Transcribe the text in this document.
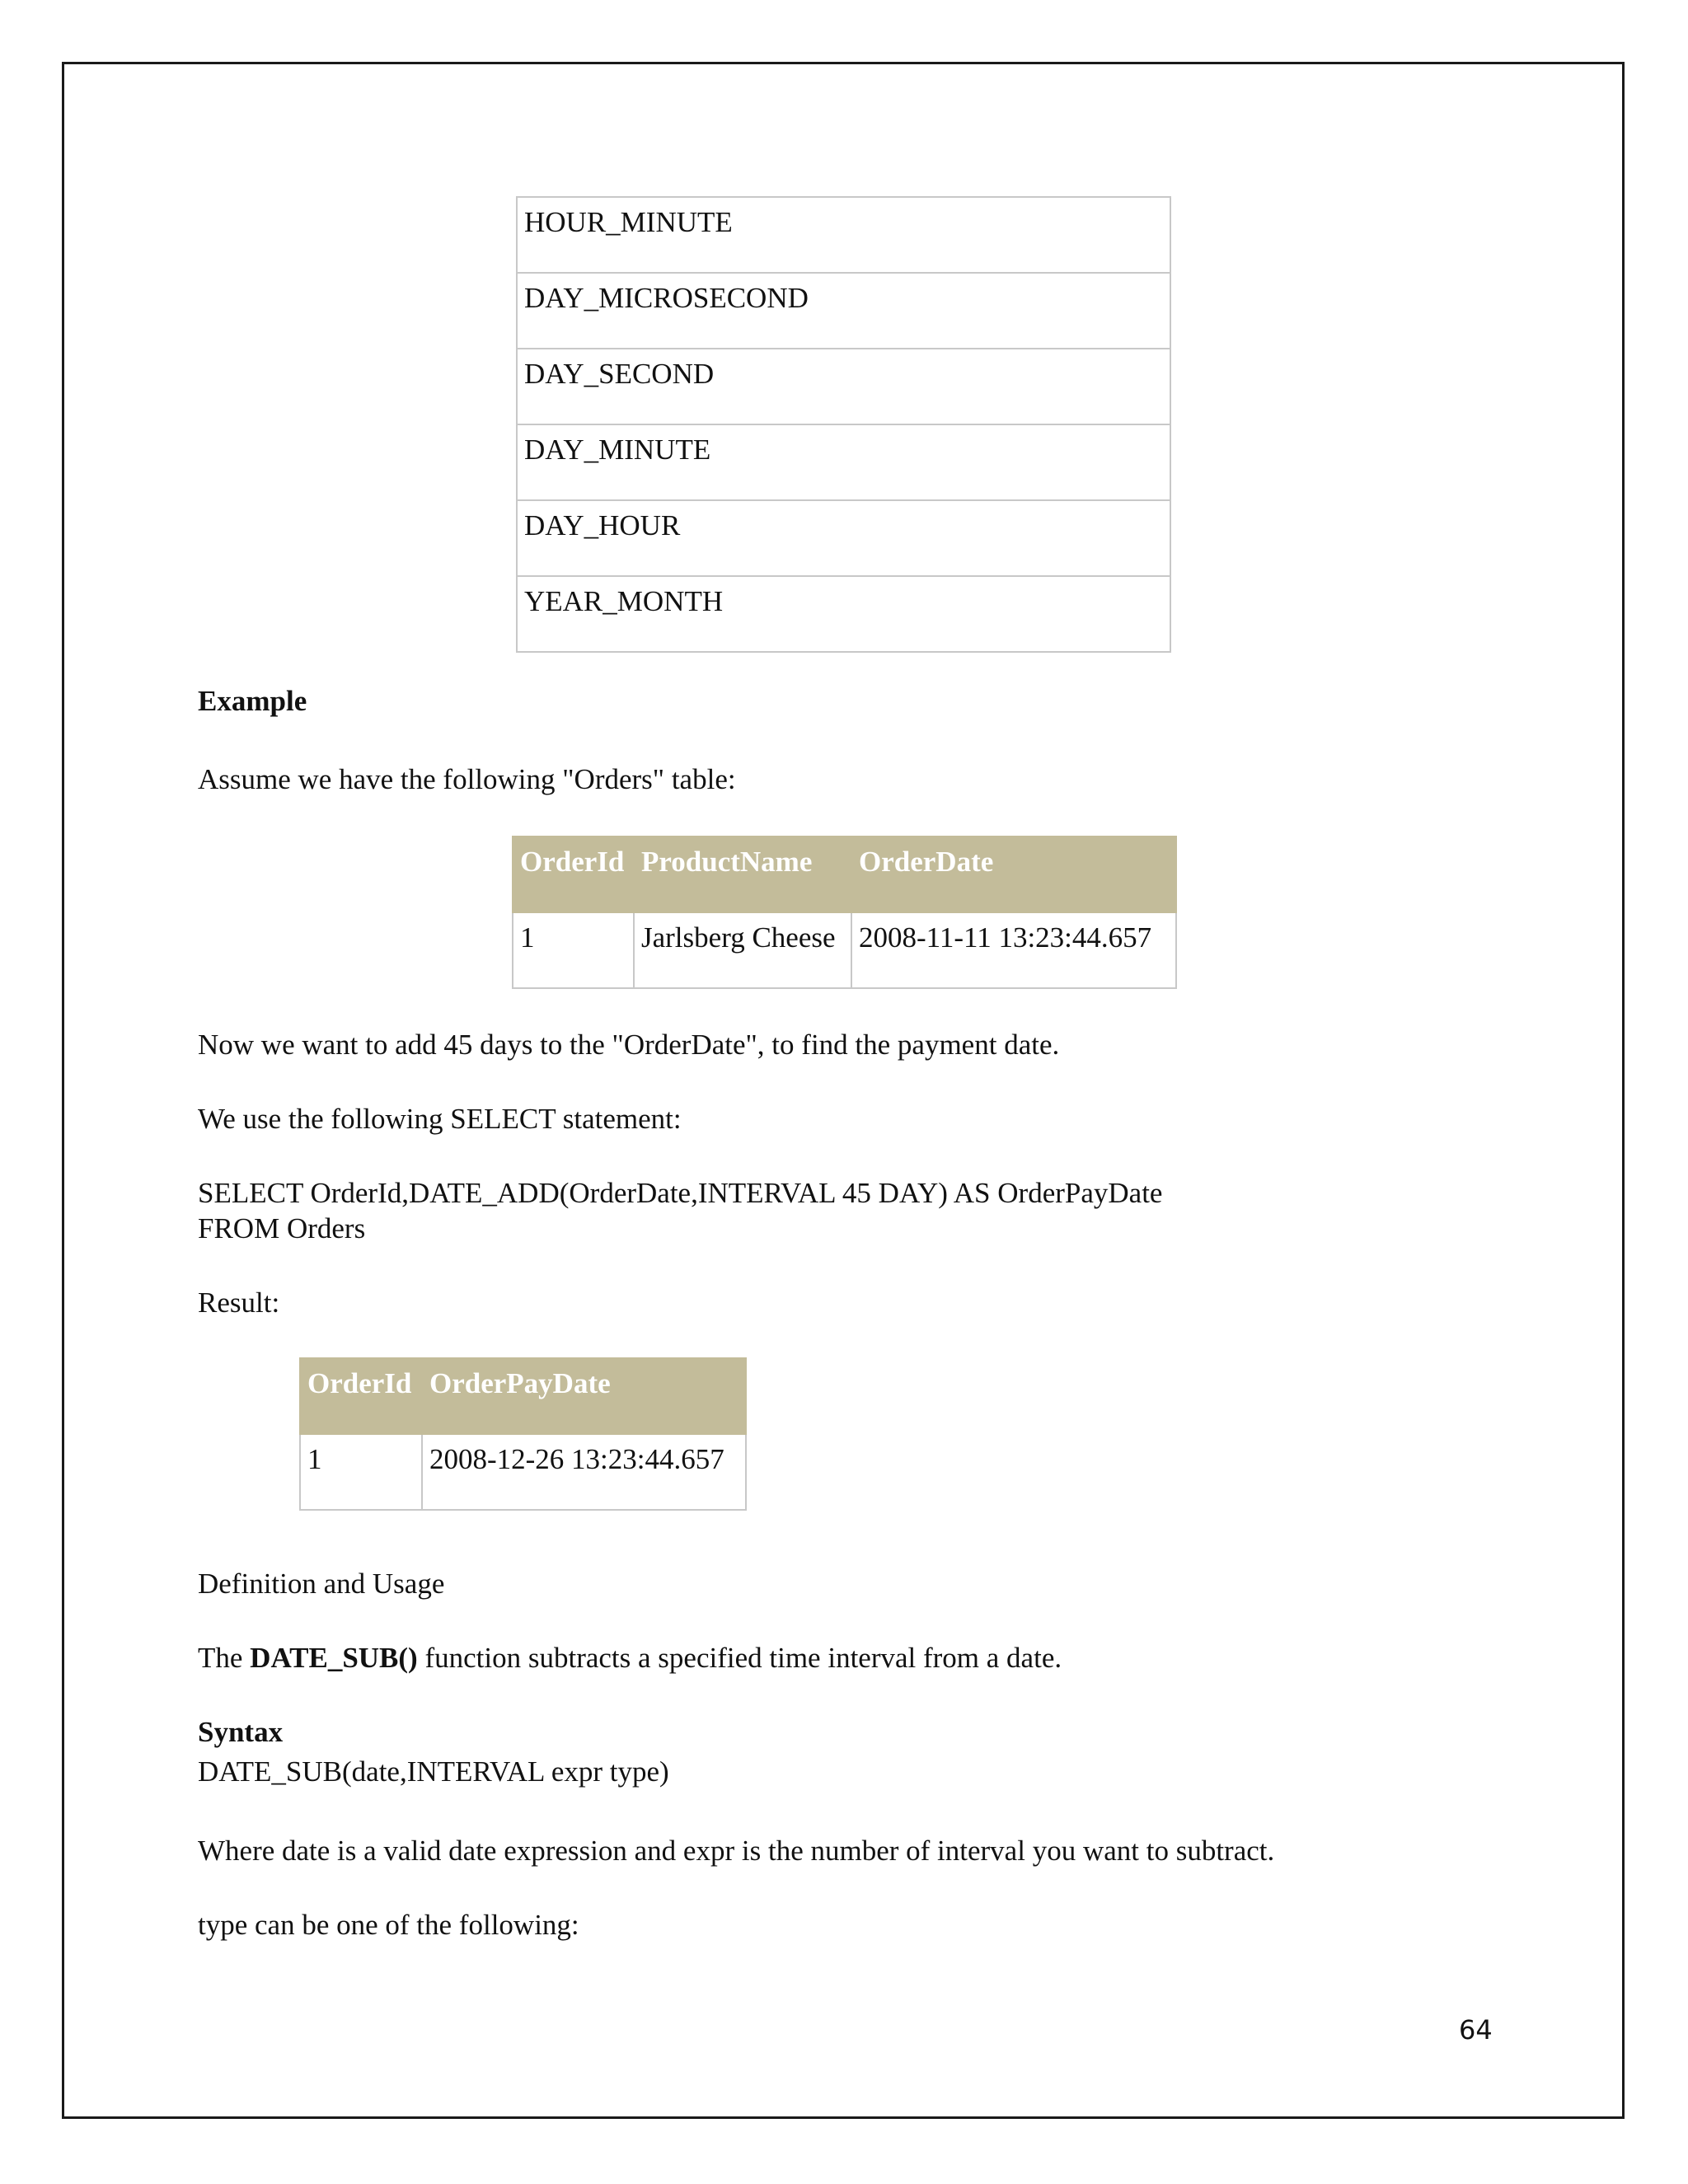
HOUR_MINUTE
DAY_MICROSECOND
DAY_SECOND
DAY_MINUTE
DAY_HOUR
YEAR_MONTH
Example
Assume we have the following "Orders" table:
OrderId	ProductName	OrderDate
1	Jarlsberg Cheese	2008-11-11 13:23:44.657
Now we want to add 45 days to the "OrderDate", to find the payment date.
We use the following SELECT statement:
SELECT OrderId,DATE_ADD(OrderDate,INTERVAL 45 DAY) AS OrderPayDate
FROM Orders
Result:
OrderId	OrderPayDate
1	2008-12-26 13:23:44.657
Definition and Usage
The DATE_SUB() function subtracts a specified time interval from a date.
Syntax
DATE_SUB(date,INTERVAL expr type)
Where date is a valid date expression and expr is the number of interval you want to subtract.
type can be one of the following:
64
